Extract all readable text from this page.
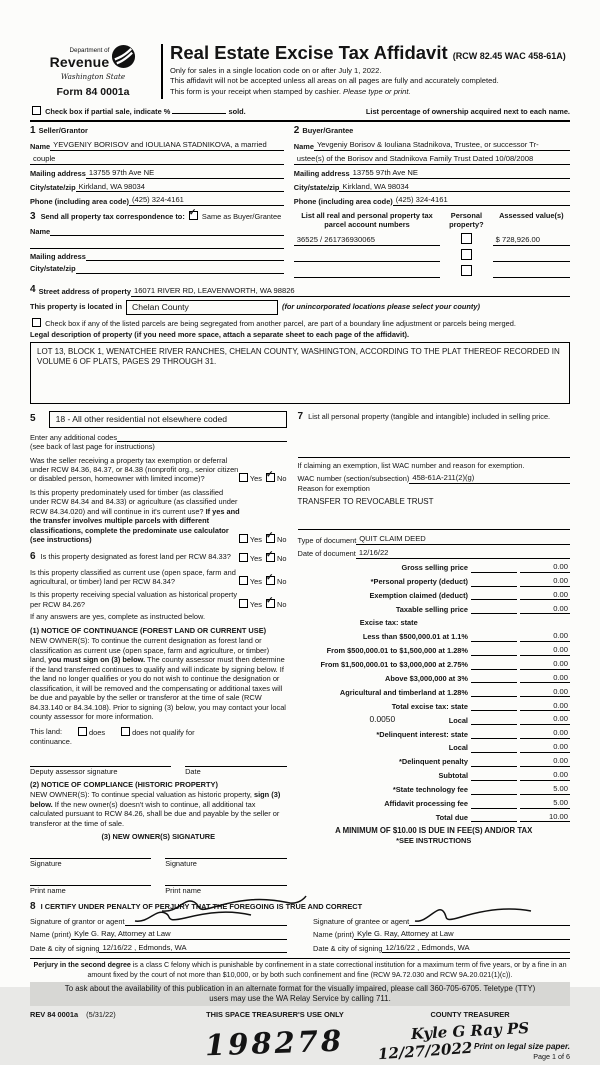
Department of
Revenue
Washington State
Form 84 0001a
Real Estate Excise Tax Affidavit (RCW 82.45 WAC 458-61A)
Only for sales in a single location code on or after July 1, 2022.
This affidavit will not be accepted unless all areas on all pages are fully and accurately completed.
This form is your receipt when stamped by cashier. Please type or print.
Check box if partial sale, indicate %	sold.	List percentage of ownership acquired next to each name.
1 Seller/Grantor
Name YEVGENIY BORISOV and IOULIANA STADNIKOVA, a married
couple
Mailing address 13755 97th Ave NE
City/state/zip Kirkland, WA 98034
Phone (including area code) (425) 324-4161
2 Buyer/Grantee
Name Yevgeniy Borisov & Iouliana Stadnikova, Trustee, or successor Tr-
ustee(s) of the Borisov and Stadnikova Family Trust Dated 10/08/2008
Mailing address 13755 97th Ave NE
City/state/zip Kirkland, WA 98034
Phone (including area code) (425) 324-4161
3 Send all property tax correspondence to: ✓ Same as Buyer/Grantee
Name
Mailing address
City/state/zip
List all real and personal property tax parcel account numbers
Personal property?
Assessed value(s)
36525 / 261736930065	$ 728,926.00
4 Street address of property 16071 RIVER RD, LEAVENWORTH, WA 98826
This property is located in	Chelan County	(for unincorporated locations please select your county)
Check box if any of the listed parcels are being segregated from another parcel, are part of a boundary line adjustment or parcels being merged.
Legal description of property (if you need more space, attach a separate sheet to each page of the affidavit).
LOT 13, BLOCK 1, WENATCHEE RIVER RANCHES, CHELAN COUNTY, WASHINGTON, ACCORDING TO THE PLAT THEREOF RECORDED IN VOLUME 6 OF PLATS, PAGES 29 THROUGH 31.
5	18 - All other residential not elsewhere coded
Enter any additional codes
(see back of last page for instructions)
Was the seller receiving a property tax exemption or deferral under RCW 84.36, 84.37, or 84.38 (nonprofit org., senior citizen or disabled person, homeowner with limited income)?	Yes ✓ No
Is this property predominately used for timber (as classified under RCW 84.34 and 84.33) or agriculture (as classified under RCW 84.34.020) and will continue in it's current use? If yes and the transfer involves multiple parcels with different classifications, complete the predominate use calculator (see instructions)	Yes ✓ No
6 Is this property designated as forest land per RCW 84.33?	Yes ✓ No
Is this property classified as current use (open space, farm and agricultural, or timber) land per RCW 84.34?	Yes ✓ No
Is this property receiving special valuation as historical property per RCW 84.26?	Yes ✓ No
If any answers are yes, complete as instructed below.
(1) NOTICE OF CONTINUANCE (FOREST LAND OR CURRENT USE)
NEW OWNER(S): To continue the current designation as forest land or classification as current use (open space, farm and agriculture, or timber) land, you must sign on (3) below. The county assessor must then determine if the land transferred continues to qualify and will indicate by signing below. If the land no longer qualifies or you do not wish to continue the designation or classification, it will be removed and the compensating or additional taxes will be due and payable by the seller or transferor at the time of sale (RCW 84.33.140 or 84.34.108). Prior to signing (3) below, you may contact your local county assessor for more information.
This land:	does	does not qualify for
continuance.
Deputy assessor signature	Date
(2) NOTICE OF COMPLIANCE (HISTORIC PROPERTY)
NEW OWNER(S): To continue special valuation as historic property, sign (3) below. If the new owner(s) doesn't wish to continue, all additional tax calculated pursuant to RCW 84.26, shall be due and payable by the seller or transferor at the time of sale.
(3) NEW OWNER(S) SIGNATURE
Signature	Signature
Print name	Print name
7 List all personal property (tangible and intangible) included in selling price.
If claiming an exemption, list WAC number and reason for exemption.
WAC number (section/subsection) 458-61A-211(2)(g)
Reason for exemption
TRANSFER TO REVOCABLE TRUST
Type of document QUIT CLAIM DEED
Date of document 12/16/22
Gross selling price	0.00
*Personal property (deduct)	0.00
Exemption claimed (deduct)	0.00
Taxable selling price	0.00
Excise tax: state
Less than $500,000.01 at 1.1%	0.00
From $500,000.01 to $1,500,000 at 1.28%	0.00
From $1,500,000.01 to $3,000,000 at 2.75%	0.00
Above $3,000,000 at 3%	0.00
Agricultural and timberland at 1.28%	0.00
Total excise tax: state	0.00
0.0050	Local	0.00
*Delinquent interest: state	0.00
Local	0.00
*Delinquent penalty	0.00
Subtotal	0.00
*State technology fee	5.00
Affidavit processing fee	5.00
Total due	10.00
A MINIMUM OF $10.00 IS DUE IN FEE(S) AND/OR TAX
*SEE INSTRUCTIONS
8 I CERTIFY UNDER PENALTY OF PERJURY THAT THE FOREGOING IS TRUE AND CORRECT
Signature of grantor or agent
Name (print) Kyle G. Ray, Attorney at Law
Date & city of signing 12/16/22 , Edmonds, WA
Signature of grantee or agent
Name (print) Kyle G. Ray, Attorney at Law
Date & city of signing 12/16/22 , Edmonds, WA
Perjury in the second degree is a class C felony which is punishable by confinement in a state correctional institution for a maximum term of five years, or by a fine in an amount fixed by the court of not more than $10,000, or by both such confinement and fine (RCW 9A.72.030 and RCW 9A.20.021(1)(c)).
To ask about the availability of this publication in an alternate format for the visually impaired, please call 360-705-6705. Teletype (TTY) users may use the WA Relay Service by calling 711.
REV 84 0001a (5/31/22)	THIS SPACE TREASURER'S USE ONLY
198278
COUNTY TREASURER
Kyle G Ray PS
12/27/2022 Print on legal size paper.
Page 1 of 6
